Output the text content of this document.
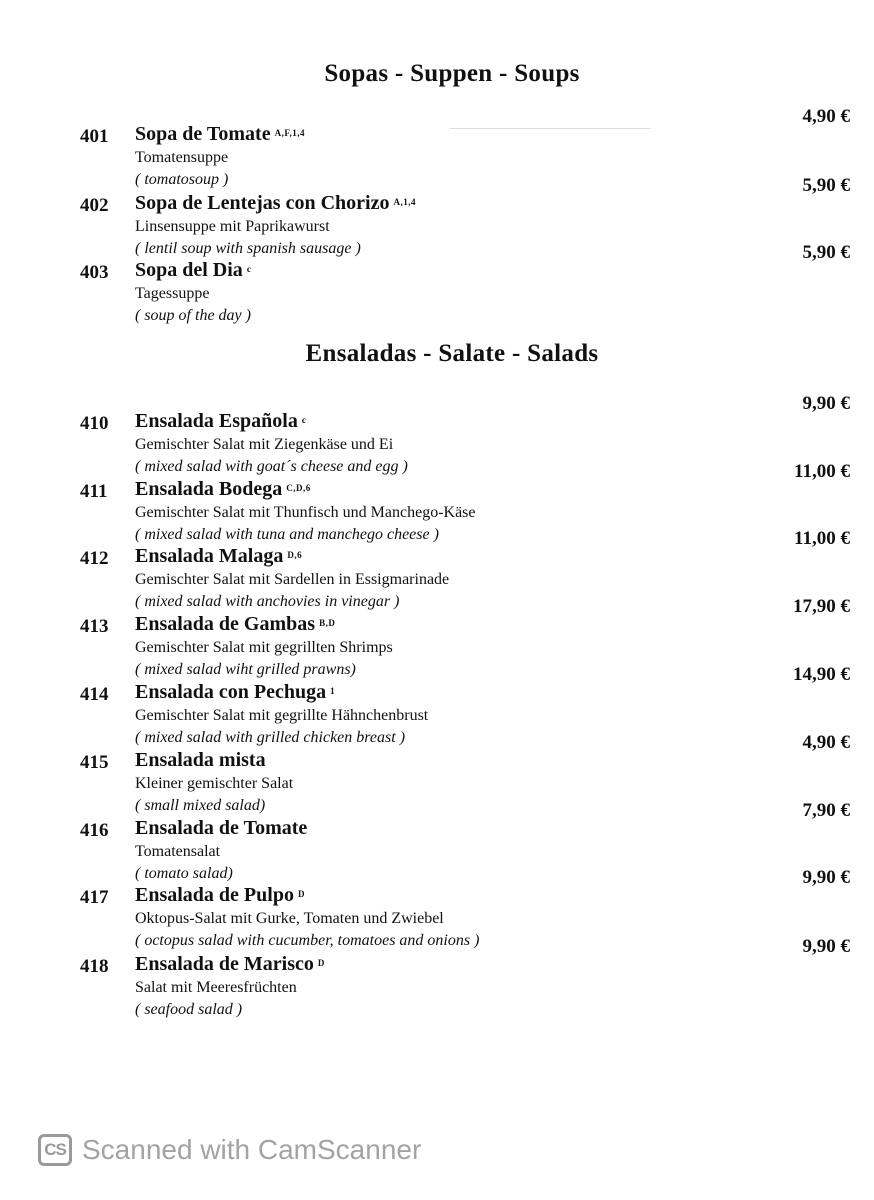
Sopas - Suppen - Soups
401 Sopa de Tomate $^{A,F,1,4}$
Tomatensuppe
( tomatosoup )
4,90 €
402 Sopa de Lentejas con Chorizo $^{A,1,4}$
Linsensuppe mit Paprikawurst
( lentil soup with spanish sausage )
5,90 €
403 Sopa del Dia $^c$
Tagessuppe
( soup of the day )
5,90 €
Ensaladas - Salate - Salads
410 Ensalada Española $^c$
Gemischter Salat mit Ziegenkäse und Ei
( mixed salad with goat´s cheese and egg )
9,90 €
411 Ensalada Bodega $^{C,D,6}$
Gemischter Salat mit Thunfisch und Manchego-Käse
( mixed salad with tuna and manchego cheese )
11,00 €
412 Ensalada Malaga $^{D,6}$
Gemischter Salat mit Sardellen in Essigmarinade
( mixed salad with anchovies in vinegar )
11,00 €
413 Ensalada de Gambas $^{B,D}$
Gemischter Salat mit gegrillten Shrimps
( mixed salad wiht grilled prawns)
17,90 €
414 Ensalada con Pechuga $^1$
Gemischter Salat mit gegrillte Hähnchenbrust
( mixed salad with grilled chicken breast )
14,90 €
415 Ensalada mista
Kleiner gemischter Salat
( small mixed salad)
4,90 €
416 Ensalada de Tomate
Tomatensalat
( tomato salad)
7,90 €
417 Ensalada de Pulpo $^D$
Oktopus-Salat mit Gurke, Tomaten und Zwiebel
( octopus salad with cucumber, tomatoes and onions )
9,90 €
418 Ensalada de Marisco $^D$
Salat mit Meeresfrüchten
( seafood salad )
9,90 €
CS Scanned with CamScanner
